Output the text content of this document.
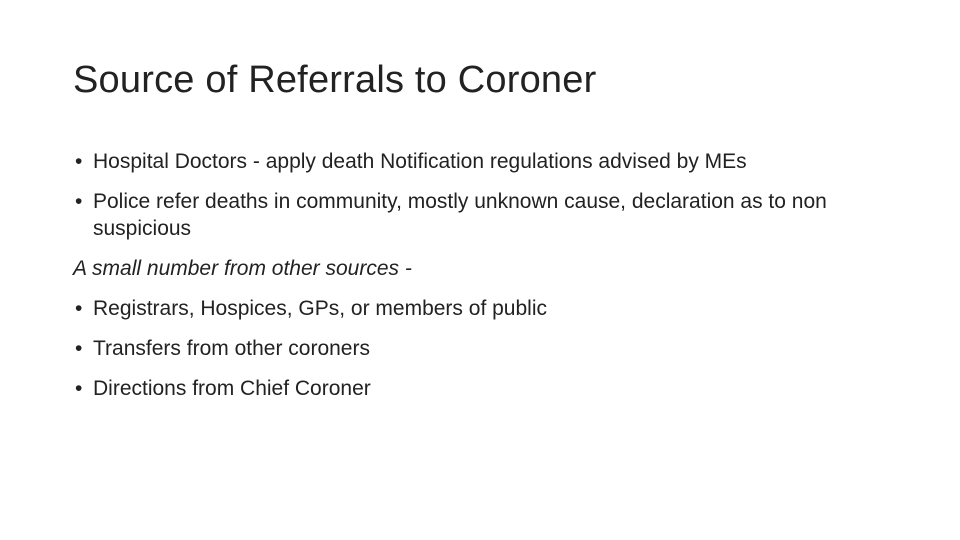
Source of Referrals to Coroner
• Hospital Doctors - apply death Notification regulations advised by MEs
• Police refer deaths in community, mostly unknown cause, declaration as to non suspicious
A small number from other sources -
• Registrars, Hospices, GPs, or members of public
• Transfers from other coroners
• Directions from Chief Coroner
